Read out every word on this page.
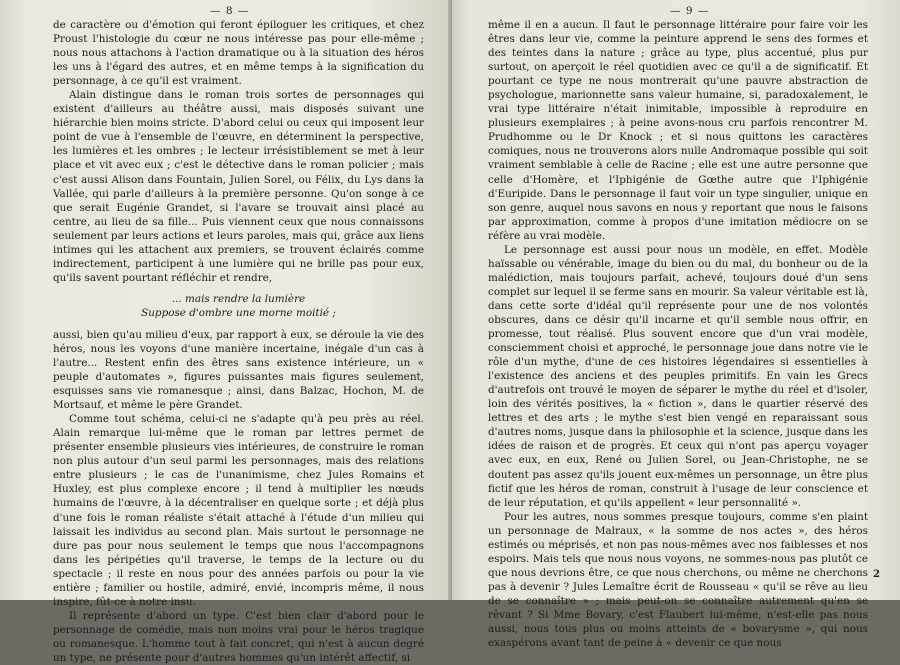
— 8 —

de caractère ou d'émotion qui feront épiloguer les critiques, et chez Proust l'histologie du cœur ne nous intéresse pas pour elle-même ; nous nous attachons à l'action dramatique ou à la situation des héros les uns à l'égard des autres, et en même temps à la signification du personnage, à ce qu'il est vraiment.

Alain distingue dans le roman trois sortes de personnages qui existent d'ailleurs au théâtre aussi, mais disposés suivant une hiérarchie bien moins stricte. D'abord celui ou ceux qui imposent leur point de vue à l'ensemble de l'œuvre, en déterminent la perspective, les lumières et les ombres ; le lecteur irrésistiblement se met à leur place et vit avec eux ; c'est le détective dans le roman policier ; mais c'est aussi Alison dans Fountain, Julien Sorel, ou Félix, du Lys dans la Vallée, qui parle d'ailleurs à la première personne. Qu'on songe à ce que serait Eugénie Grandet, si l'avare se trouvait ainsi placé au centre, au lieu de sa fille... Puis viennent ceux que nous connaissons seulement par leurs actions et leurs paroles, mais qui, grâce aux liens intimes qui les attachent aux premiers, se trouvent éclairés comme indirectement, participent à une lumière qui ne brille pas pour eux, qu'ils savent pourtant réfléchir et rendre,

... mais rendre la lumière
Suppose d'ombre une morne moitié ;

aussi, bien qu'au milieu d'eux, par rapport à eux, se déroule la vie des héros, nous les voyons d'une manière incertaine, inégale d'un cas à l'autre... Restent enfin des êtres sans existence intérieure, un « peuple d'automates », figures puissantes mais figures seulement, esquisses sans vie romanesque ; ainsi, dans Balzac, Hochon, M. de Mortsauf, et même le père Grandet.

Comme tout schéma, celui-ci ne s'adapte qu'à peu près au réel. Alain remarque lui-même que le roman par lettres permet de présenter ensemble plusieurs vies intérieures, de construire le roman non plus autour d'un seul parmi les personnages, mais des relations entre plusieurs ; le cas de l'unanimisme, chez Jules Romains et Huxley, est plus complexe encore ; il tend à multiplier les nœuds humains de l'œuvre, à la décentraliser en quelque sorte ; et déjà plus d'une fois le roman réaliste s'était attaché à l'étude d'un milieu qui laissait les individus au second plan. Mais surtout le personnage ne dure pas pour nous seulement le temps que nous l'accompagnons dans les péripéties qu'il traverse, le temps de la lecture ou du spectacle ; il reste en nous pour des années parfois ou pour la vie entière ; familier ou hostile, admiré, envié, incompris même, il nous inspire, fût-ce à notre insu.

Il représente d'abord un type. C'est bien clair d'abord pour le personnage de comédie, mais non moins vrai pour le héros tragique ou romanesque. L'homme tout à fait concret, qui n'est à aucun degré un type, ne présente pour d'autres hommes qu'un intérêt affectif, si

— 9 —

même il en a aucun. Il faut le personnage littéraire pour faire voir les êtres dans leur vie, comme la peinture apprend le sens des formes et des teintes dans la nature ; grâce au type, plus accentué, plus pur surtout, on aperçoit le réel quotidien avec ce qu'il a de significatif. Et pourtant ce type ne nous montrerait qu'une pauvre abstraction de psychologue, marionnette sans valeur humaine, si, paradoxalement, le vrai type littéraire n'était inimitable, impossible à reproduire en plusieurs exemplaires ; à peine avons-nous cru parfois rencontrer M. Prudhomme ou le Dr Knock ; et si nous quittons les caractères comiques, nous ne trouverons alors nulle Andromaque possible qui soit vraiment semblable à celle de Racine ; elle est une autre personne que celle d'Homère, et l'Iphigénie de Gœthe autre que l'Iphigénie d'Euripide. Dans le personnage il faut voir un type singulier, unique en son genre, auquel nous savons en nous y reportant que nous le faisons par approximation, comme à propos d'une imitation médiocre on se réfère au vrai modèle.

Le personnage est aussi pour nous un modèle, en effet. Modèle haïssable ou vénérable, image du bien ou du mal, du bonheur ou de la malédiction, mais toujours parfait, achevé, toujours doué d'un sens complet sur lequel il se ferme sans en mourir. Sa valeur véritable est là, dans cette sorte d'idéal qu'il représente pour une de nos volontés obscures, dans ce désir qu'il incarne et qu'il semble nous offrir, en promesse, tout réalisé. Plus souvent encore que d'un vrai modèle, consciemment choisi et approché, le personnage joue dans notre vie le rôle d'un mythe, d'une de ces histoires légendaires si essentielles à l'existence des anciens et des peuples primitifs. En vain les Grecs d'autrefois ont trouvé le moyen de séparer le mythe du réel et d'isoler, loin des vérités positives, la « fiction », dans le quartier réservé des lettres et des arts ; le mythe s'est bien vengé en reparaissant sous d'autres noms, jusque dans la philosophie et la science, jusque dans les idées de raison et de progrès. Et ceux qui n'ont pas aperçu voyager avec eux, en eux, René ou Julien Sorel, ou Jean-Christophe, ne se doutent pas assez qu'ils jouent eux-mêmes un personnage, un être plus fictif que les héros de roman, construit à l'usage de leur conscience et de leur réputation, et qu'ils appellent « leur personnalité ».

Pour les autres, nous sommes presque toujours, comme s'en plaint un personnage de Malraux, « la somme de nos actes », des héros estimés ou méprisés, et non pas nous-mêmes avec nos faiblesses et nos espoirs. Mais tels que nous nous voyons, ne sommes-nous pas plutôt ce que nous devrions être, ce que nous cherchons, ou même ne cherchons pas à devenir ? Jules Lemaître écrit de Rousseau « qu'il se rêve au lieu de se connaître » ; mais peut-on se connaître autrement qu'en se rêvant ? Si Mme Bovary, c'est Flaubert lui-même, n'est-elle pas nous aussi, nous tous plus ou moins atteints de « bovarysme », qui nous exaspérons avant tant de peine à « devenir ce que nous

2
